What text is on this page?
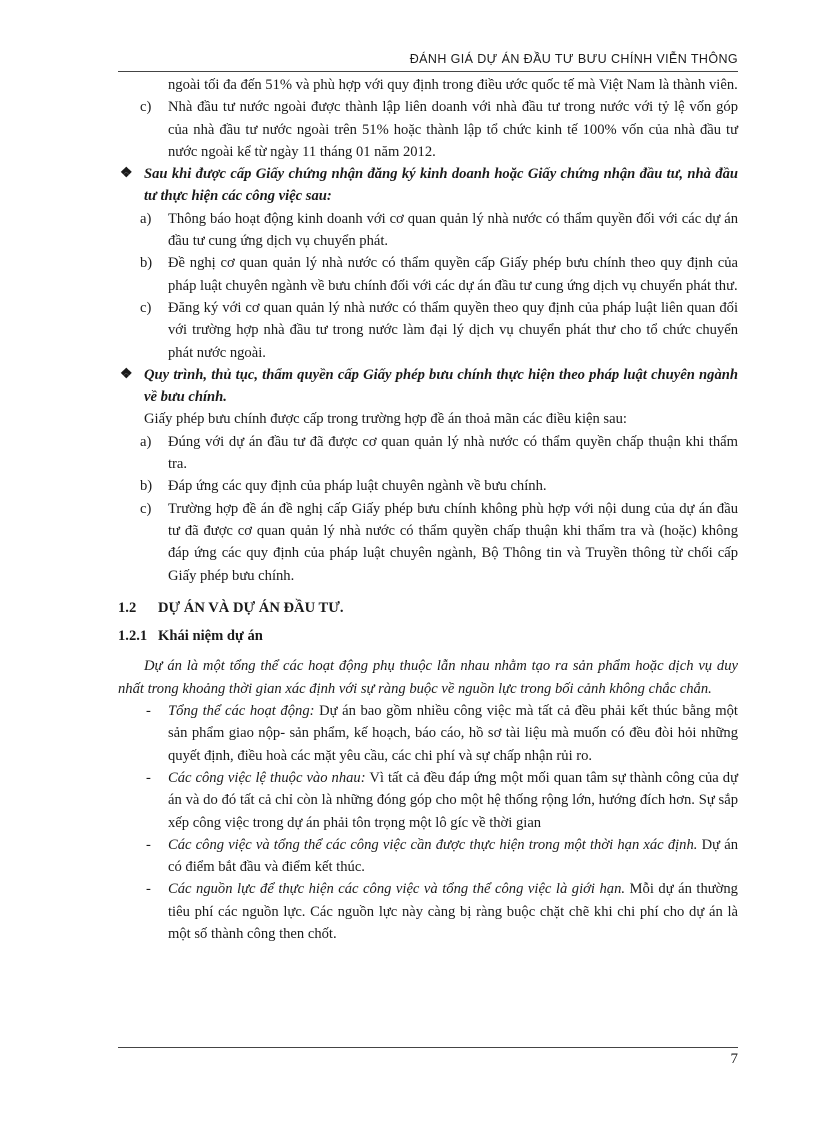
ĐÁNH GIÁ DỰ ÁN ĐẦU TƯ BƯU CHÍNH VIỄN THÔNG

ngoài tối đa đến 51% và phù hợp với quy định trong điều ước quốc tế mà Việt Nam là thành viên.

c) Nhà đầu tư nước ngoài được thành lập liên doanh với nhà đầu tư trong nước với tỷ lệ vốn góp của nhà đầu tư nước ngoài trên 51% hoặc thành lập tổ chức kinh tế 100% vốn của nhà đầu tư nước ngoài kể từ ngày 11 tháng 01 năm 2012.

❖ Sau khi được cấp Giấy chứng nhận đăng ký kinh doanh hoặc Giấy chứng nhận đầu tư, nhà đầu tư thực hiện các công việc sau:

a) Thông báo hoạt động kinh doanh với cơ quan quản lý nhà nước có thẩm quyền đối với các dự án đầu tư cung ứng dịch vụ chuyển phát.

b) Đề nghị cơ quan quản lý nhà nước có thẩm quyền cấp Giấy phép bưu chính theo quy định của pháp luật chuyên ngành về bưu chính đối với các dự án đầu tư cung ứng dịch vụ chuyển phát thư.

c) Đăng ký với cơ quan quản lý nhà nước có thẩm quyền theo quy định của pháp luật liên quan đối với trường hợp nhà đầu tư trong nước làm đại lý dịch vụ chuyển phát thư cho tổ chức chuyển phát nước ngoài.

❖ Quy trình, thủ tục, thẩm quyền cấp Giấy phép bưu chính thực hiện theo pháp luật chuyên ngành về bưu chính.

Giấy phép bưu chính được cấp trong trường hợp đề án thoả mãn các điều kiện sau:

a) Đúng với dự án đầu tư đã được cơ quan quản lý nhà nước có thẩm quyền chấp thuận khi thẩm tra.

b) Đáp ứng các quy định của pháp luật chuyên ngành về bưu chính.

c) Trường hợp đề án đề nghị cấp Giấy phép bưu chính không phù hợp với nội dung của dự án đầu tư đã được cơ quan quản lý nhà nước có thẩm quyền chấp thuận khi thẩm tra và (hoặc) không đáp ứng các quy định của pháp luật chuyên ngành, Bộ Thông tin và Truyền thông từ chối cấp Giấy phép bưu chính.

1.2 DỰ ÁN VÀ DỰ ÁN ĐẦU TƯ.

1.2.1 Khái niệm dự án

Dự án là một tổng thể các hoạt động phụ thuộc lẫn nhau nhằm tạo ra sản phẩm hoặc dịch vụ duy nhất trong khoảng thời gian xác định với sự ràng buộc về nguồn lực trong bối cảnh không chắc chắn.

- Tổng thể các hoạt động: Dự án bao gồm nhiều công việc mà tất cả đều phải kết thúc bằng một sản phẩm giao nộp- sản phẩm, kế hoạch, báo cáo, hồ sơ tài liệu mà muốn có đều đòi hỏi những quyết định, điều hoà các mặt yêu cầu, các chi phí và sự chấp nhận rủi ro.

- Các công việc lệ thuộc vào nhau: Vì tất cả đều đáp ứng một mối quan tâm sự thành công của dự án và do đó tất cả chỉ còn là những đóng góp cho một hệ thống rộng lớn, hướng đích hơn. Sự sắp xếp công việc trong dự án phải tôn trọng một lô gíc về thời gian

- Các công việc và tổng thể các công việc cần được thực hiện trong một thời hạn xác định. Dự án có điểm bắt đầu và điểm kết thúc.

- Các nguồn lực để thực hiện các công việc và tổng thể công việc là giới hạn. Mỗi dự án thường tiêu phí các nguồn lực. Các nguồn lực này càng bị ràng buộc chặt chẽ khi chi phí cho dự án là một số thành công then chốt.

7
